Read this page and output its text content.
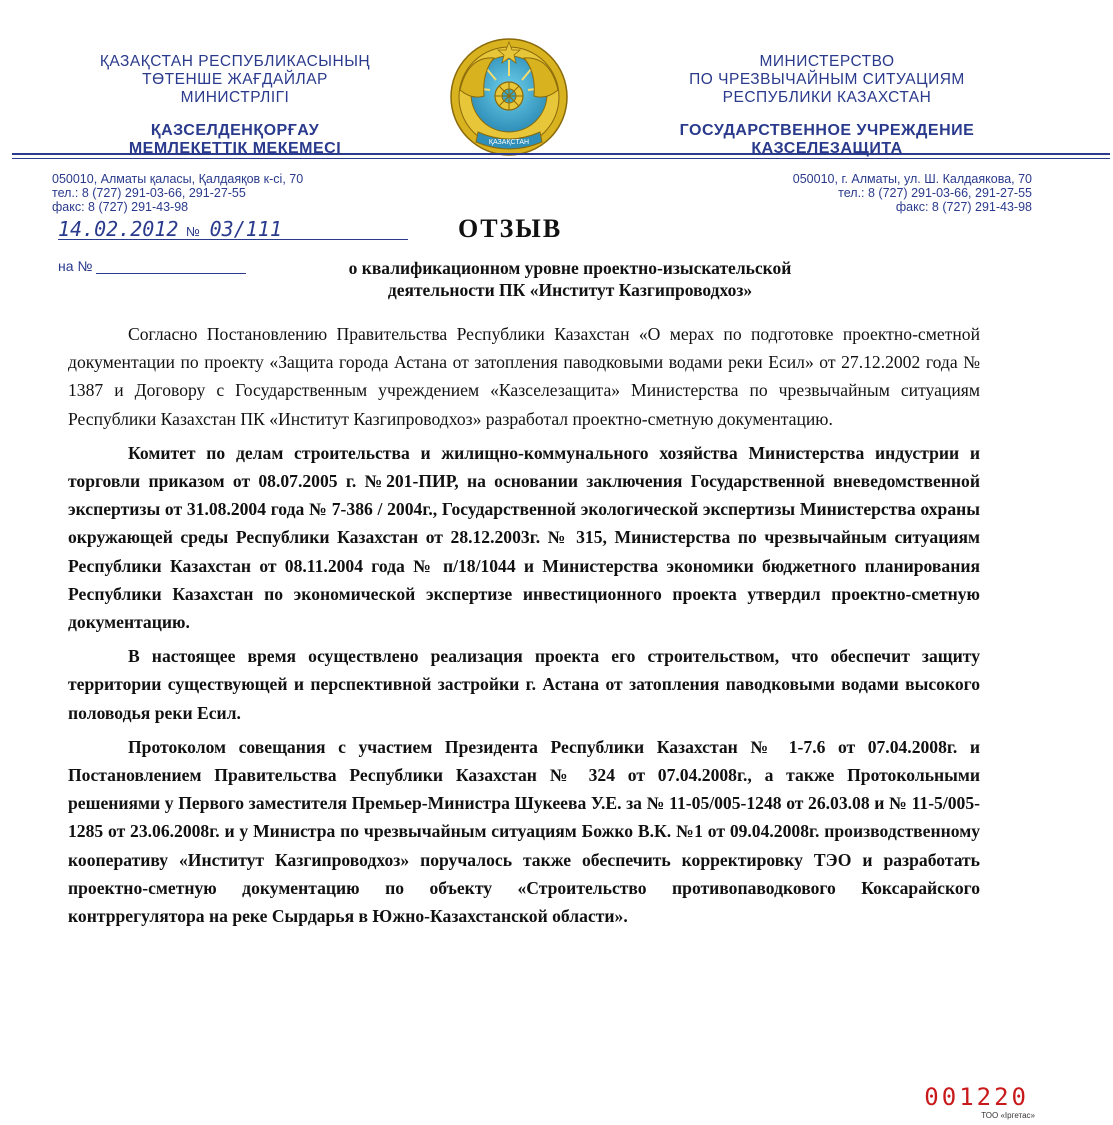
ҚАЗАҚСТАН РЕСПУБЛИКАСЫНЫҢ
ТӨТЕНШЕ ЖАҒДАЙЛАР
МИНИСТРЛІГІ
ҚАЗСЕЛДЕНҚОРҒАУ
МЕМЛЕКЕТТІК МЕКЕМЕСІ	ҚАЗАҚСТАН
МИНИСТЕРСТВО
ПО ЧРЕЗВЫЧАЙНЫМ СИТУАЦИЯМ
РЕСПУБЛИКИ КАЗАХСТАН
ГОСУДАРСТВЕННОЕ УЧРЕЖДЕНИЕ
КАЗСЕЛЕЗАЩИТА
050010, Алматы қаласы, Қалдаяқов к-сі, 70
тел.: 8 (727) 291-03-66, 291-27-55
факс: 8 (727) 291-43-98
050010, г. Алматы, ул. Ш. Калдаякова, 70
тел.: 8 (727) 291-03-66, 291-27-55
факс: 8 (727) 291-43-98
14.02.2012 № 03/111	ОТЗЫВ
на №	о квалификационном уровне проектно-изыскательской
деятельности ПК «Институт Казгипроводхоз»

Согласно Постановлению Правительства Республики Казахстан «О мерах по подготовке проектно-сметной документации по проекту «Защита города Астана от затопления паводковыми водами реки Есил» от 27.12.2002 года № 1387 и Договору с Государственным учреждением «Казселезащита» Министерства по чрезвычайным ситуациям Республики Казахстан ПК «Институт Казгипроводхоз» разработал проектно-сметную документацию.

Комитет по делам строительства и жилищно-коммунального хозяйства Министерства индустрии и торговли приказом от 08.07.2005 г. №201-ПИР, на основании заключения Государственной вневедомственной экспертизы от 31.08.2004 года № 7-386 / 2004г., Государственной экологической экспертизы Министерства охраны окружающей среды Республики Казахстан от 28.12.2003г. № 315, Министерства по чрезвычайным ситуациям Республики Казахстан от 08.11.2004 года № п/18/1044 и Министерства экономики бюджетного планирования Республики Казахстан по экономической экспертизе инвестиционного проекта утвердил проектно-сметную документацию.

В настоящее время осуществлено реализация проекта его строительством, что обеспечит защиту территории существующей и перспективной застройки г. Астана от затопления паводковыми водами высокого половодья реки Есил.

Протоколом совещания с участием Президента Республики Казахстан № 1-7.6 от 07.04.2008г. и Постановлением Правительства Республики Казахстан № 324 от 07.04.2008г., а также Протокольными решениями у Первого заместителя Премьер-Министра Шукеева У.Е. за № 11-05/005-1248 от 26.03.08 и № 11-5/005-1285 от 23.06.2008г. и у Министра по чрезвычайным ситуациям Божко В.К. №1 от 09.04.2008г. производственному кооперативу «Институт Казгипроводхоз» поручалось также обеспечить корректировку ТЭО и разработать проектно-сметную документацию по объекту «Строительство противопаводкового Коксарайского контррегулятора на реке Сырдарья в Южно-Казахстанской области».

001220
ТОО «Іргетас»
